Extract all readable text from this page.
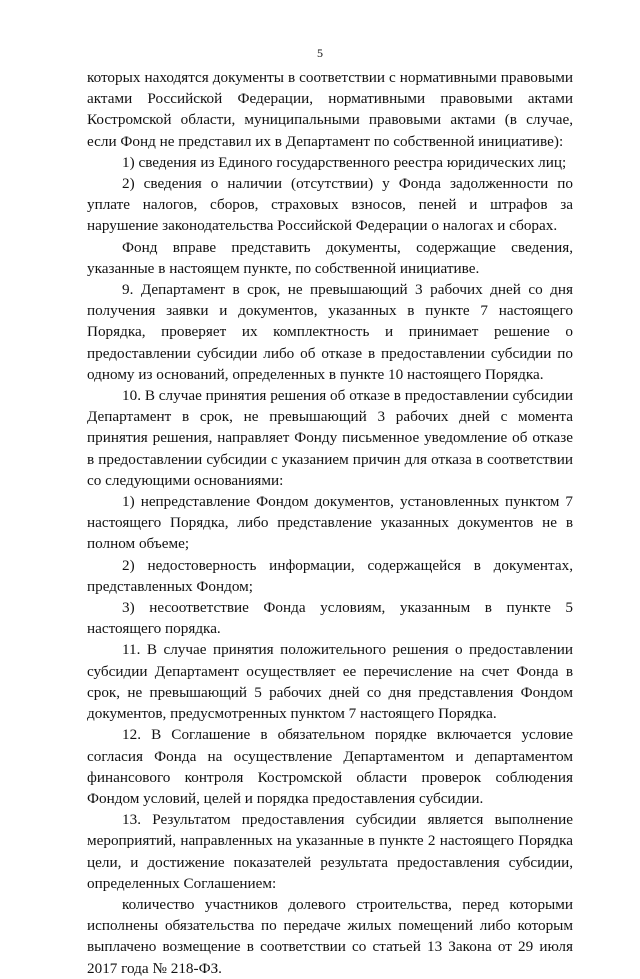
5

которых находятся документы в соответствии с нормативными правовыми актами Российской Федерации, нормативными правовыми актами Костромской области, муниципальными правовыми актами (в случае, если Фонд не представил их в Департамент по собственной инициативе):

1) сведения из Единого государственного реестра юридических лиц;

2) сведения о наличии (отсутствии) у Фонда задолженности по уплате налогов, сборов, страховых взносов, пеней и штрафов за нарушение законодательства Российской Федерации о налогах и сборах.

Фонд вправе представить документы, содержащие сведения, указанные в настоящем пункте, по собственной инициативе.

9. Департамент в срок, не превышающий 3 рабочих дней со дня получения заявки и документов, указанных в пункте 7 настоящего Порядка, проверяет их комплектность и принимает решение о предоставлении субсидии либо об отказе в предоставлении субсидии по одному из оснований, определенных в пункте 10 настоящего Порядка.

10. В случае принятия решения об отказе в предоставлении субсидии Департамент в срок, не превышающий 3 рабочих дней с момента принятия решения, направляет Фонду письменное уведомление об отказе в предоставлении субсидии с указанием причин для отказа в соответствии со следующими основаниями:

1) непредставление Фондом документов, установленных пунктом 7 настоящего Порядка, либо представление указанных документов не в полном объеме;

2) недостоверность информации, содержащейся в документах, представленных Фондом;

3) несоответствие Фонда условиям, указанным в пункте 5 настоящего порядка.

11. В случае принятия положительного решения о предоставлении субсидии Департамент осуществляет ее перечисление на счет Фонда в срок, не превышающий 5 рабочих дней со дня представления Фондом документов, предусмотренных пунктом 7 настоящего Порядка.

12. В Соглашение в обязательном порядке включается условие согласия Фонда на осуществление Департаментом и департаментом финансового контроля Костромской области проверок соблюдения Фондом условий, целей и порядка предоставления субсидии.

13. Результатом предоставления субсидии является выполнение мероприятий, направленных на указанные в пункте 2 настоящего Порядка цели, и достижение показателей результата предоставления субсидии, определенных Соглашением:

количество участников долевого строительства, перед которыми исполнены обязательства по передаче жилых помещений либо которым выплачено возмещение в соответствии со статьей 13 Закона от 29 июля 2017 года № 218-ФЗ.
